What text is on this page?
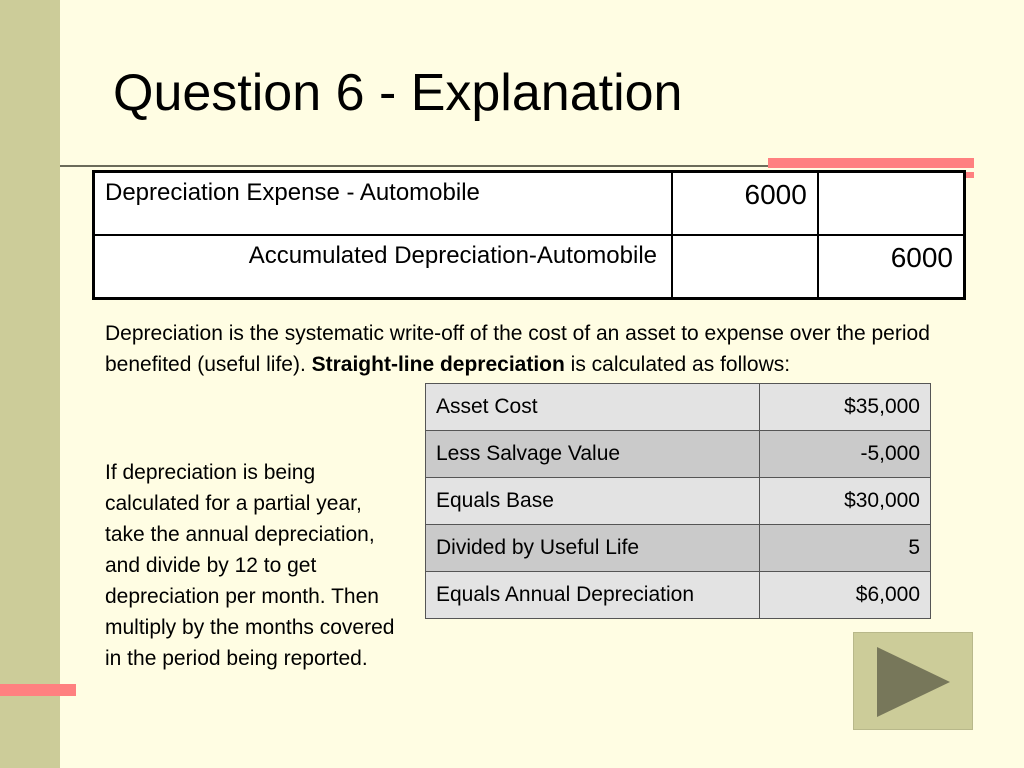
Question 6 - Explanation
Depreciation Expense - Automobile	6000	
Accumulated Depreciation-Automobile		6000

Depreciation is the systematic write-off of the cost of an asset to expense over the period benefited (useful life). Straight-line depreciation is calculated as follows:

If depreciation is being calculated for a partial year, take the annual depreciation, and divide by 12 to get depreciation per month. Then multiply by the months covered in the period being reported.

Asset Cost	$35,000
Less Salvage Value	-5,000
Equals Base	$30,000
Divided by Useful Life	5
Equals Annual Depreciation	$6,000
